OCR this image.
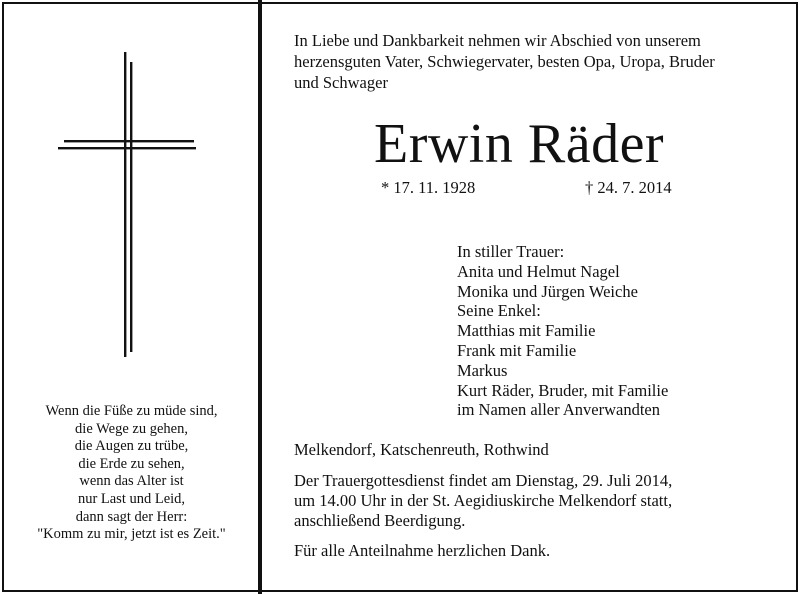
Wenn die Füße zu müde sind,
die Wege zu gehen,
die Augen zu trübe,
die Erde zu sehen,
wenn das Alter ist
nur Last und Leid,
dann sagt der Herr:
"Komm zu mir, jetzt ist es Zeit."
In Liebe und Dankbarkeit nehmen wir Abschied von unserem
herzensguten Vater, Schwiegervater, besten Opa, Uropa, Bruder
und Schwager
Erwin Räder
* 17. 11. 1928	† 24. 7. 2014
In stiller Trauer:
Anita und Helmut Nagel
Monika und Jürgen Weiche
Seine Enkel:
Matthias mit Familie
Frank mit Familie
Markus
Kurt Räder, Bruder, mit Familie
im Namen aller Anverwandten
Melkendorf, Katschenreuth, Rothwind
Der Trauergottesdienst findet am Dienstag, 29. Juli 2014,
um 14.00 Uhr in der St. Aegidiuskirche Melkendorf statt,
anschließend Beerdigung.
Für alle Anteilnahme herzlichen Dank.
